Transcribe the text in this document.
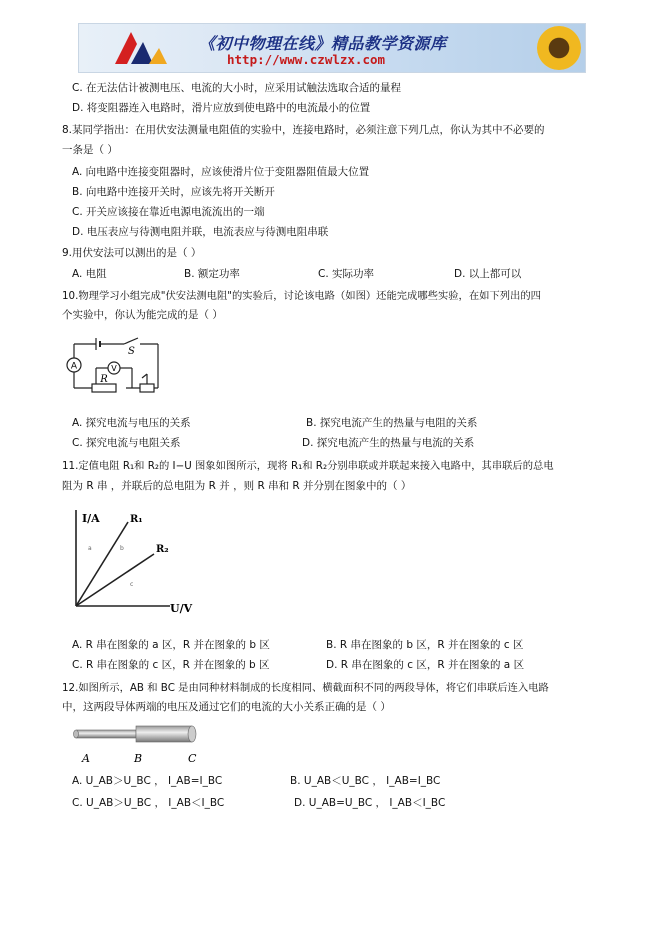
《初中物理在线》精品教学资源库
http://www.czwlzx.com
C. 在无法估计被测电压、电流的大小时，应采用试触法选取合适的量程
D. 将变阻器连入电路时，滑片应放到使电路中的电流最小的位置
8.某同学指出：在用伏安法测量电阻值的实验中，连接电路时，必须注意下列几点，你认为其中不必要的
一条是（ ）
A. 向电路中连接变阻器时，应该使滑片位于变阻器阻值最大位置
B. 向电路中连接开关时，应该先将开关断开
C. 开关应该接在靠近电源电流流出的一端
D. 电压表应与待测电阻并联，电流表应与待测电阻串联
9.用伏安法可以测出的是（ ）
A. 电阻	B. 额定功率	C. 实际功率	D. 以上都可以
10.物理学习小组完成"伏安法测电阻"的实验后，讨论该电路（如图）还能完成哪些实验，在如下列出的四
个实验中，你认为能完成的是（ ）
A	V
S
R
A. 探究电流与电压的关系	B. 探究电流产生的热量与电阻的关系
C. 探究电流与电阻关系	D. 探究电流产生的热量与电流的关系
11.定值电阻 R₁和 R₂的 I−U 图象如图所示，现将 R₁和 R₂分别串联或并联起来接入电路中，其串联后的总电
阻为 R 串 ，并联后的总电阻为 R 并 ，则 R 串和 R 并分别在图象中的（ ）
I/A
U/V
R₁
R₂
a	b
c
A. R 串在图象的 a 区，R 并在图象的 b 区	B. R 串在图象的 b 区，R 并在图象的 c 区
C. R 串在图象的 c 区，R 并在图象的 b 区	D. R 串在图象的 c 区，R 并在图象的 a 区
12.如图所示，AB 和 BC 是由同种材料制成的长度相同、横截面积不同的两段导体，将它们串联后连入电路
中，这两段导体两端的电压及通过它们的电流的大小关系正确的是（ ）
A	B	C
A. U_AB＞U_BC ， I_AB=I_BC	B. U_AB＜U_BC ， I_AB=I_BC
C. U_AB＞U_BC ， I_AB＜I_BC	D. U_AB=U_BC ， I_AB＜I_BC
